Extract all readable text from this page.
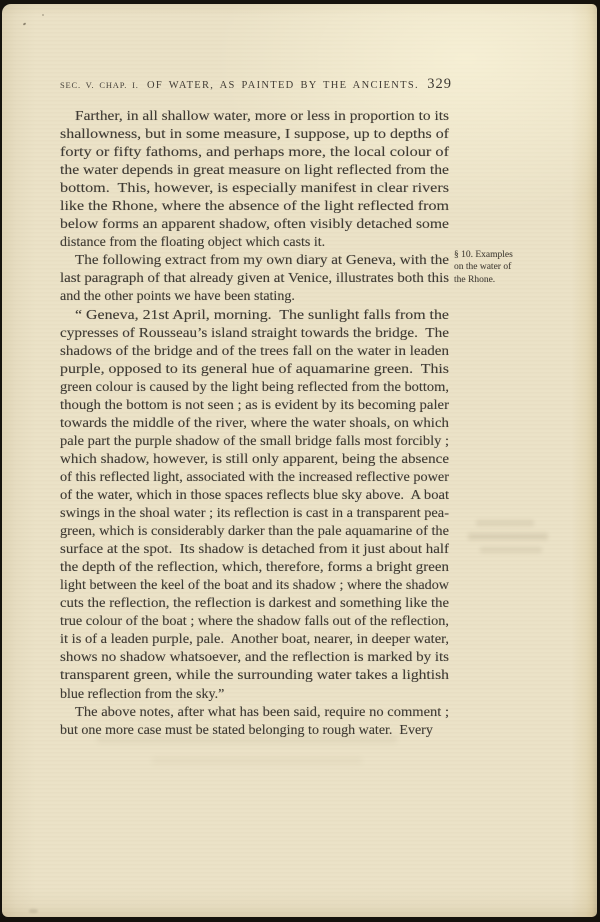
SEC. V. CHAP. I. OF WATER, AS PAINTED BY THE ANCIENTS. 329
Farther, in all shallow water, more or less in proportion to its
shallowness, but in some measure, I suppose, up to depths of
forty or fifty fathoms, and perhaps more, the local colour of
the water depends in great measure on light reflected from the
bottom.  This, however, is especially manifest in clear rivers
like the Rhone, where the absence of the light reflected from
below forms an apparent shadow, often visibly detached some
distance from the floating object which casts it.
The following extract from my own diary at Geneva, with the
last paragraph of that already given at Venice, illustrates both this
and the other points we have been stating.
“ Geneva, 21st April, morning.  The sunlight falls from the
cypresses of Rousseau’s island straight towards the bridge.  The
shadows of the bridge and of the trees fall on the water in leaden
purple, opposed to its general hue of aquamarine green.  This
green colour is caused by the light being reflected from the bottom,
though the bottom is not seen ; as is evident by its becoming paler
towards the middle of the river, where the water shoals, on which
pale part the purple shadow of the small bridge falls most forcibly ;
which shadow, however, is still only apparent, being the absence
of this reflected light, associated with the increased reflective power
of the water, which in those spaces reflects blue sky above.  A boat
swings in the shoal water ; its reflection is cast in a transparent pea-
green, which is considerably darker than the pale aquamarine of the
surface at the spot.  Its shadow is detached from it just about half
the depth of the reflection, which, therefore, forms a bright green
light between the keel of the boat and its shadow ; where the shadow
cuts the reflection, the reflection is darkest and something like the
true colour of the boat ; where the shadow falls out of the reflection,
it is of a leaden purple, pale.  Another boat, nearer, in deeper water,
shows no shadow whatsoever, and the reflection is marked by its
transparent green, while the surrounding water takes a lightish
blue reflection from the sky.”
The above notes, after what has been said, require no comment ;
but one more case must be stated belonging to rough water.  Every
§ 10. Examples
on the water of
the Rhone.
